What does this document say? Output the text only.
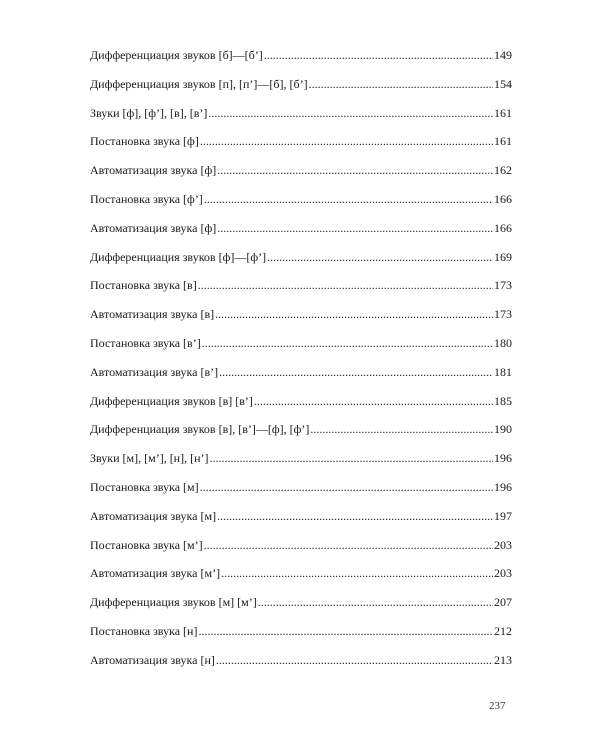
Дифференциация звуков [б]—[б’] .....	149
Дифференциация звуков [п], [п’]—[б], [б’] .....	154
Звуки [ф], [ф’], [в], [в’] .....	161
Постановка звука [ф] .....	161
Автоматизация звука [ф] .....	162
Постановка звука [ф’] .....	166
Автоматизация звука [ф] .....	166
Дифференциация звуков [ф]—[ф’] .....	169
Постановка звука [в] .....	173
Автоматизация звука [в] .....	173
Постановка звука [в’] .....	180
Автоматизация звука [в’] .....	181
Дифференциация звуков [в] [в’] .....	185
Дифференциация звуков [в], [в’]—[ф], [ф’] .....	190
Звуки [м], [м’], [н], [н’] .....	196
Постановка звука [м] .....	196
Автоматизация звука [м] .....	197
Постановка звука [м’] .....	203
Автоматизация звука [м’] .....	203
Дифференциация звуков [м] [м’] .....	207
Постановка звука [н] .....	212
Автоматизация звука [н] .....	213
237
